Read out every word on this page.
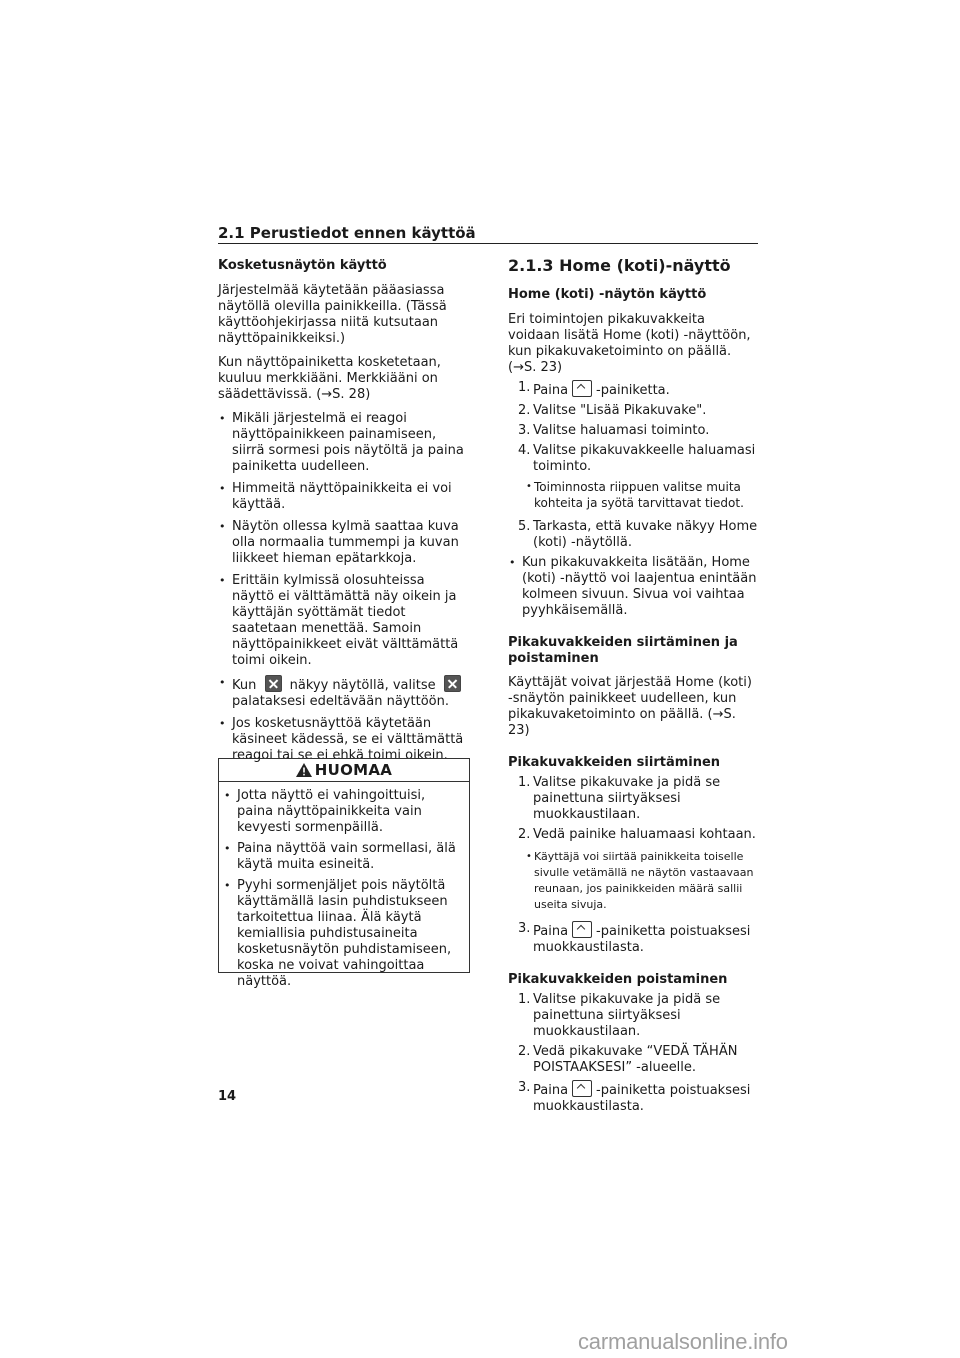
2.1 Perustiedot ennen käyttöä
Kosketusnäytön käyttö

Järjestelmää käytetään pääasiassa näytöllä olevilla painikkeilla. (Tässä käyttöohjekirjassa niitä kutsutaan näyttöpainikkeiksi.)

Kun näyttöpainiketta kosketetaan, kuuluu merkkiääni. Merkkiääni on säädettävissä. (→S. 28)

• Mikäli järjestelmä ei reagoi näyttöpainikkeen painamiseen, siirrä sormesi pois näytöltä ja paina painiketta uudelleen.
• Himmeitä näyttöpainikkeita ei voi käyttää.
• Näytön ollessa kylmä saattaa kuva olla normaalia tummempi ja kuvan liikkeet hieman epätarkkoja.
• Erittäin kylmissä olosuhteissa näyttö ei välttämättä näy oikein ja käyttäjän syöttämät tiedot saatetaan menettää. Samoin näyttöpainikkeet eivät välttämättä toimi oikein.
• Kun	näkyy näytöllä, valitse  palataksesi edeltävään näyttöön.
• Jos kosketusnäyttöä käytetään käsineet kädessä, se ei välttämättä reagoi tai se ei ehkä toimi oikein.
HUOMAA
• Jotta näyttö ei vahingoittuisi, paina näyttöpainikkeita vain kevyesti sormenpäillä.
• Paina näyttöä vain sormellasi, älä käytä muita esineitä.
• Pyyhi sormenjäljet pois näytöltä käyttämällä lasin puhdistukseen tarkoitettua liinaa. Älä käytä kemiallisia puhdistusaineita kosketusnäytön puhdistamiseen, koska ne voivat vahingoittaa näyttöä.
2.1.3 Home (koti)-näyttö
Home (koti) -näytön käyttö

Eri toimintojen pikakuvakkeita voidaan lisätä Home (koti) -näyttöön, kun pikakuvaketoiminto on päällä. (→S. 23)

1. Paina -painiketta.
2. Valitse "Lisää Pikakuvake".
3. Valitse haluamasi toiminto.
4. Valitse pikakuvakkeelle haluamasi toiminto.

• Toiminnosta riippuen valitse muita kohteita ja syötä tarvittavat tiedot.

5. Tarkasta, että kuvake näkyy Home (koti) -näytöllä.
• Kun pikakuvakkeita lisätään, Home (koti) -näyttö voi laajentua enintään kolmeen sivuun. Sivua voi vaihtaa pyyhkäisemällä.
Pikakuvakkeiden siirtäminen ja poistaminen

Käyttäjät voivat järjestää Home (koti) -snäytön painikkeet uudelleen, kun pikakuvaketoiminto on päällä. (→S. 23)

Pikakuvakkeiden siirtäminen
1. Valitse pikakuvake ja pidä se painettuna siirtyäksesi muokkaustilaan.
2. Vedä painike haluamaasi kohtaan.

• Käyttäjä voi siirtää painikkeita toiselle sivulle vetämällä ne näytön vastaavaan reunaan, jos painikkeiden määrä sallii useita sivuja.

3. Paina -painiketta poistuaksesi muokkaustilasta.
Pikakuvakkeiden poistaminen
1. Valitse pikakuvake ja pidä se painettuna siirtyäksesi muokkaustilaan.
2. Vedä pikakuvake “VEDÄ TÄHÄN POISTAAKSESI” -alueelle.
3. Paina -painiketta poistuaksesi muokkaustilasta.

14

carmanualsonline.info
